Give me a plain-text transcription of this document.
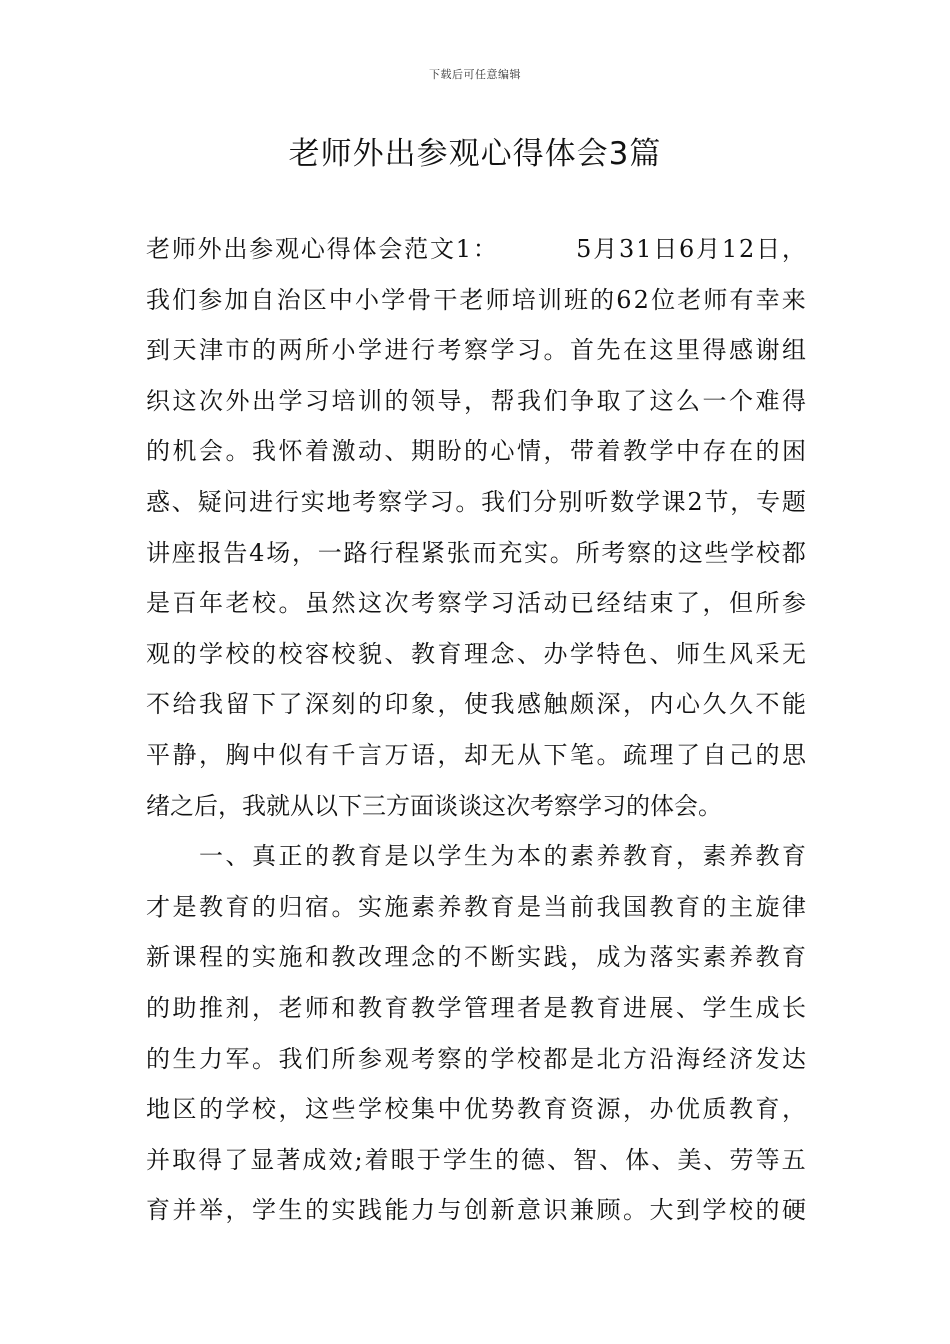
下载后可任意编辑
老师外出参观心得体会3篇
老 师 外 出 参 观 心 得 体 会 范 文 1 ：

　	5 月 3 1 日 6 月 1 2 日 ，
我 们 参 加 自 治 区 中 小 学 骨 干 老 师 培 训 班 的 6 2 位 老 师 有 幸 来
到 天 津 市 的 两 所 小 学 进 行 考 察 学 习 。 首 先 在 这 里 得 感 谢 组
织 这 次 外 出 学 习 培 训 的 领 导 ， 帮 我 们 争 取 了 这 么 一 个 难 得
的 机 会 。 我 怀 着 激 动 、 期 盼 的 心 情 ， 带 着 教 学 中 存 在 的 困
惑 、 疑 问 进 行 实 地 考 察 学 习 。 我 们 分 别 听 数 学 课 2 节 ， 专 题
讲 座 报 告 4 场 ， 一 路 行 程 紧 张 而 充 实 。 所 考 察 的 这 些 学 校 都
是 百 年 老 校 。 虽 然 这 次 考 察 学 习 活 动 已 经 结 束 了 ， 但 所 参
观 的 学 校 的 校 容 校 貌 、 教 育 理 念 、 办 学 特 色 、 师 生 风 采 无
不 给 我 留 下 了 深 刻 的 印 象 ， 使 我 感 触 颇 深 ， 内 心 久 久 不 能
平 静 ， 胸 中 似 有 千 言 万 语 ， 却 无 从 下 笔 。 疏 理 了 自 己 的 思
绪之后，我就从以下三方面谈谈这次考察学习的体会。

一 、 真 正 的 教 育 是 以 学 生 为 本 的 素 养 教 育 ， 素 养 教 育
才 是 教 育 的 归 宿 。 实 施 素 养 教 育 是 当 前 我 国 教 育 的 主 旋 律
新 课 程 的 实 施 和 教 改 理 念 的 不 断 实 践 ， 成 为 落 实 素 养 教 育
的 助 推 剂 ， 老 师 和 教 育 教 学 管 理 者 是 教 育 进 展 、 学 生 成 长
的 生 力 军 。 我 们 所 参 观 考 察 的 学 校 都 是 北 方 沿 海 经 济 发 达
地 区 的 学 校 ， 这 些 学 校 集 中 优 势 教 育 资 源 ， 办 优 质 教 育 ，
并 取 得 了 显 著 成 效 ; 着 眼 于 学 生 的 德 、 智 、 体 、 美 、 劳 等 五
育 并 举 ， 学 生 的 实 践 能 力 与 创 新 意 识 兼 顾 。 大 到 学 校 的 硬
